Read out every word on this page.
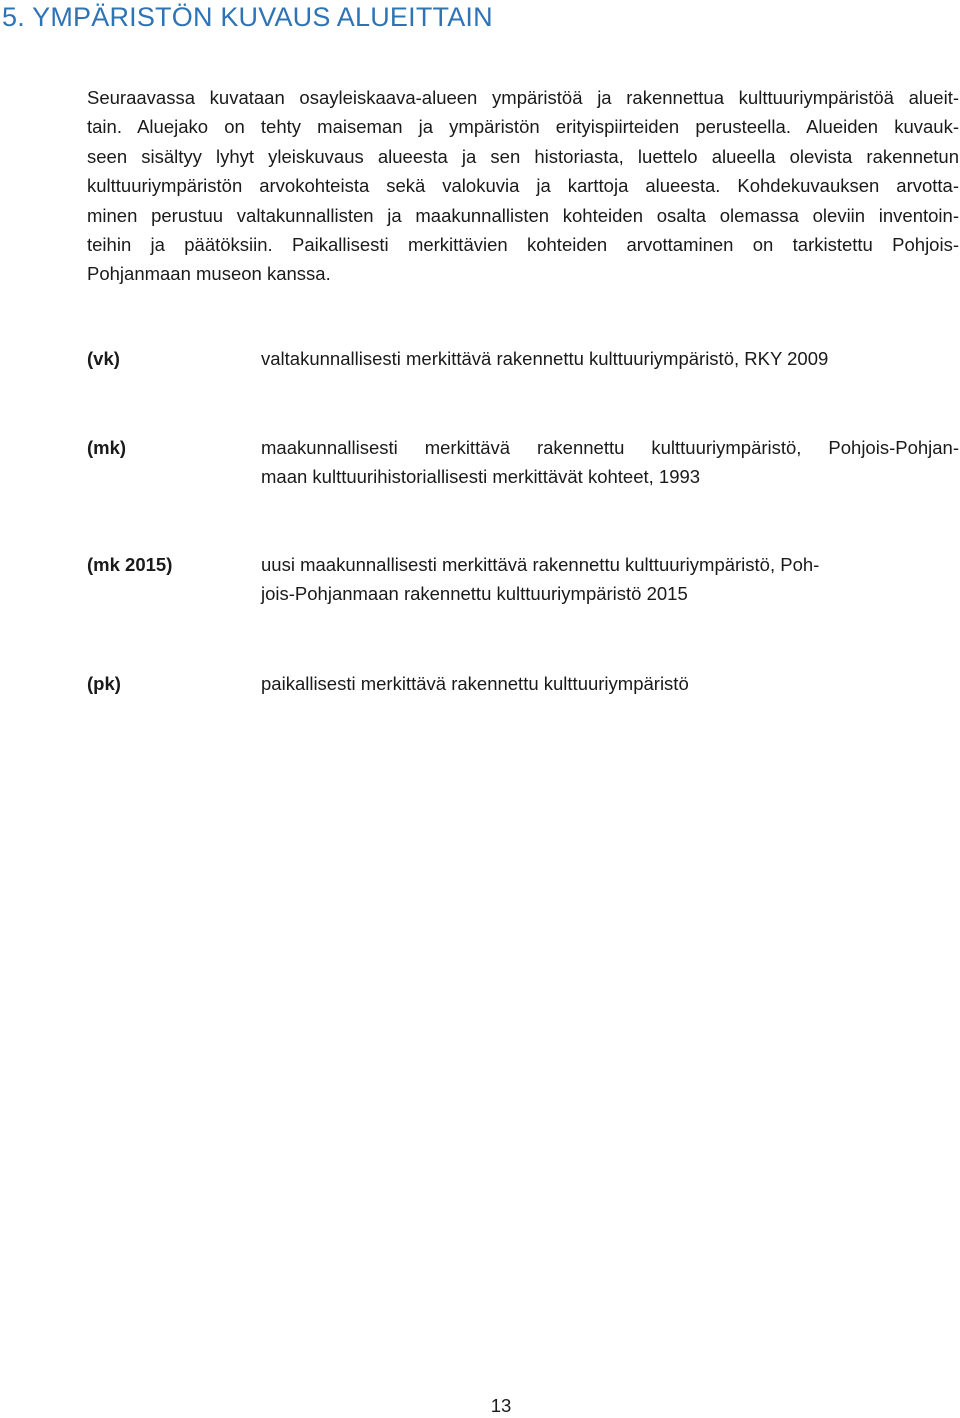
5. YMPÄRISTÖN KUVAUS ALUEITTAIN

Seuraavassa kuvataan osayleiskaava-alueen ympäristöä ja rakennettua kulttuuriympäristöä alueit-
tain. Aluejako on tehty maiseman ja ympäristön erityispiirteiden perusteella. Alueiden kuvauk-
seen sisältyy lyhyt yleiskuvaus alueesta ja sen historiasta, luettelo alueella olevista rakennetun
kulttuuriympäristön arvokohteista sekä valokuvia ja karttoja alueesta. Kohdekuvauksen arvotta-
minen perustuu valtakunnallisten ja maakunnallisten kohteiden osalta olemassa oleviin inventoin-
teihin ja päätöksiin. Paikallisesti merkittävien kohteiden arvottaminen on tarkistettu Pohjois-
Pohjanmaan museon kanssa.

(vk)	valtakunnallisesti merkittävä rakennettu kulttuuriympäristö, RKY 2009
(mk)	maakunnallisesti merkittävä rakennettu kulttuuriympäristö, Pohjois-Pohjan-
maan kulttuurihistoriallisesti merkittävät kohteet, 1993
(mk 2015)	uusi maakunnallisesti merkittävä rakennettu kulttuuriympäristö, Poh-
jois-Pohjanmaan rakennettu kulttuuriympäristö 2015
(pk)	paikallisesti merkittävä rakennettu kulttuuriympäristö
13
